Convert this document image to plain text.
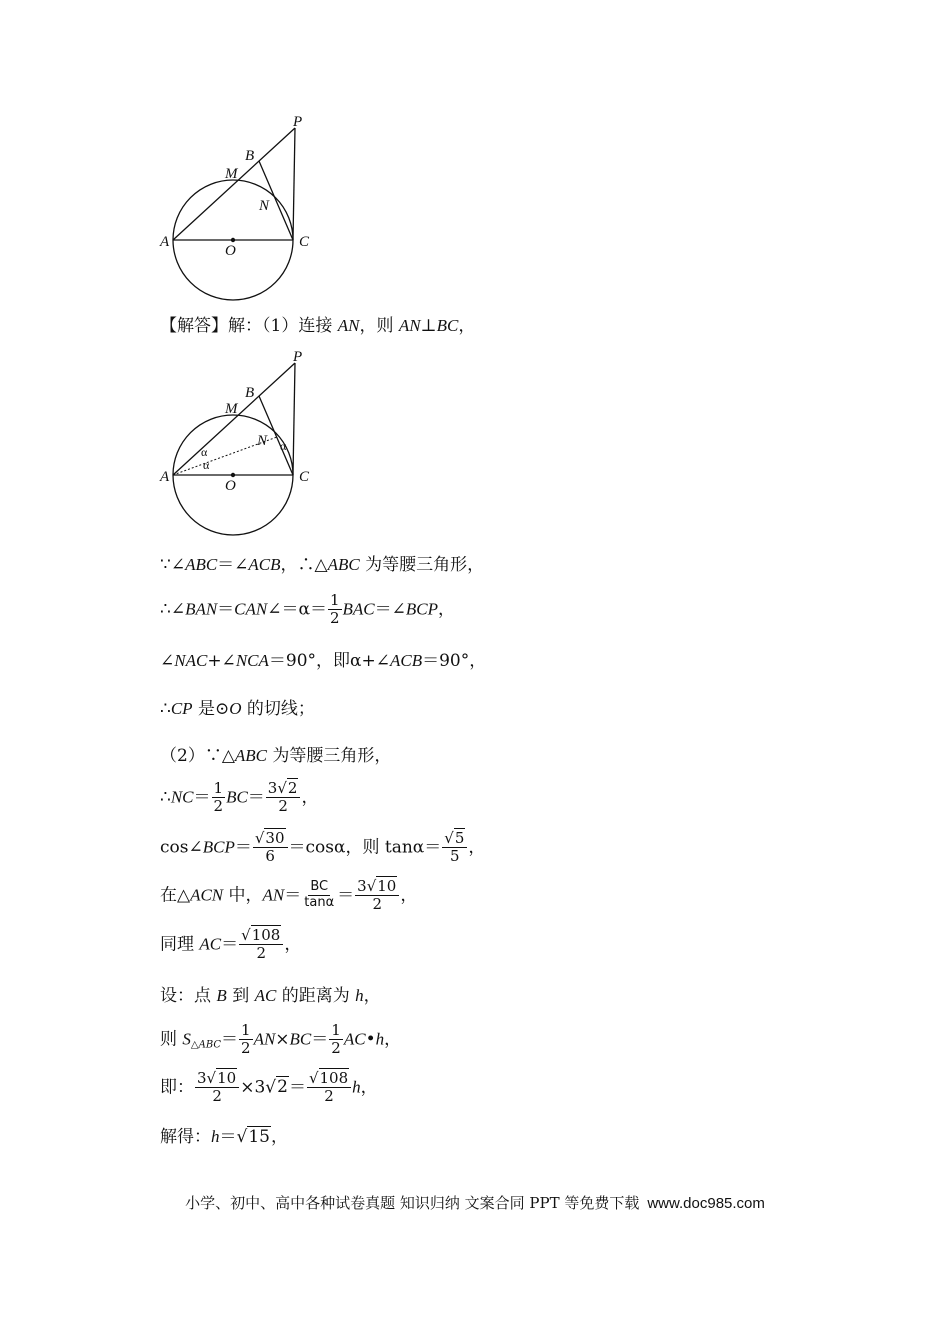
P
B
M
N
A
O
C
【解答】解：（1）连接 AN，则 AN⊥BC，
P
B
M
N
α
α
α
A
O
C
∵∠ABC＝∠ACB，∴△ABC 为等腰三角形，
∴∠BAN＝CAN∠＝α＝ $\frac{1}{2}$ BAC＝∠BCP，
∠NAC+∠NCA＝90°，即α+∠ACB＝90°，
∴CP 是⊙O 的切线；
（2）∵△ABC 为等腰三角形，
∴NC＝ $\frac{1}{2} BC= \frac{3√2}{2}$ ，
cos∠BCP＝ $\frac{√30}{6} =\cos\alpha$，则 $\tan\alpha= \frac{√5}{5}$ ，
在△ACN 中，$AN= \frac{BC}{\tan\alpha} = \frac{3√10}{2}$ ，
同理 $AC= \frac{√108}{2}$ ，
设：点 B 到 AC 的距离为 h，
则 $S_{\triangle ABC}= \frac{1}{2} AN\times BC= \frac{1}{2}$ AC•h，
即： $\frac{3√10}{2} \times 3√2= \frac{√108}{2}$ h，
解得：h＝√15，
小学、初中、高中各种试卷真题 知识归纳 文案合同 PPT 等免费下载 www.doc985.com
